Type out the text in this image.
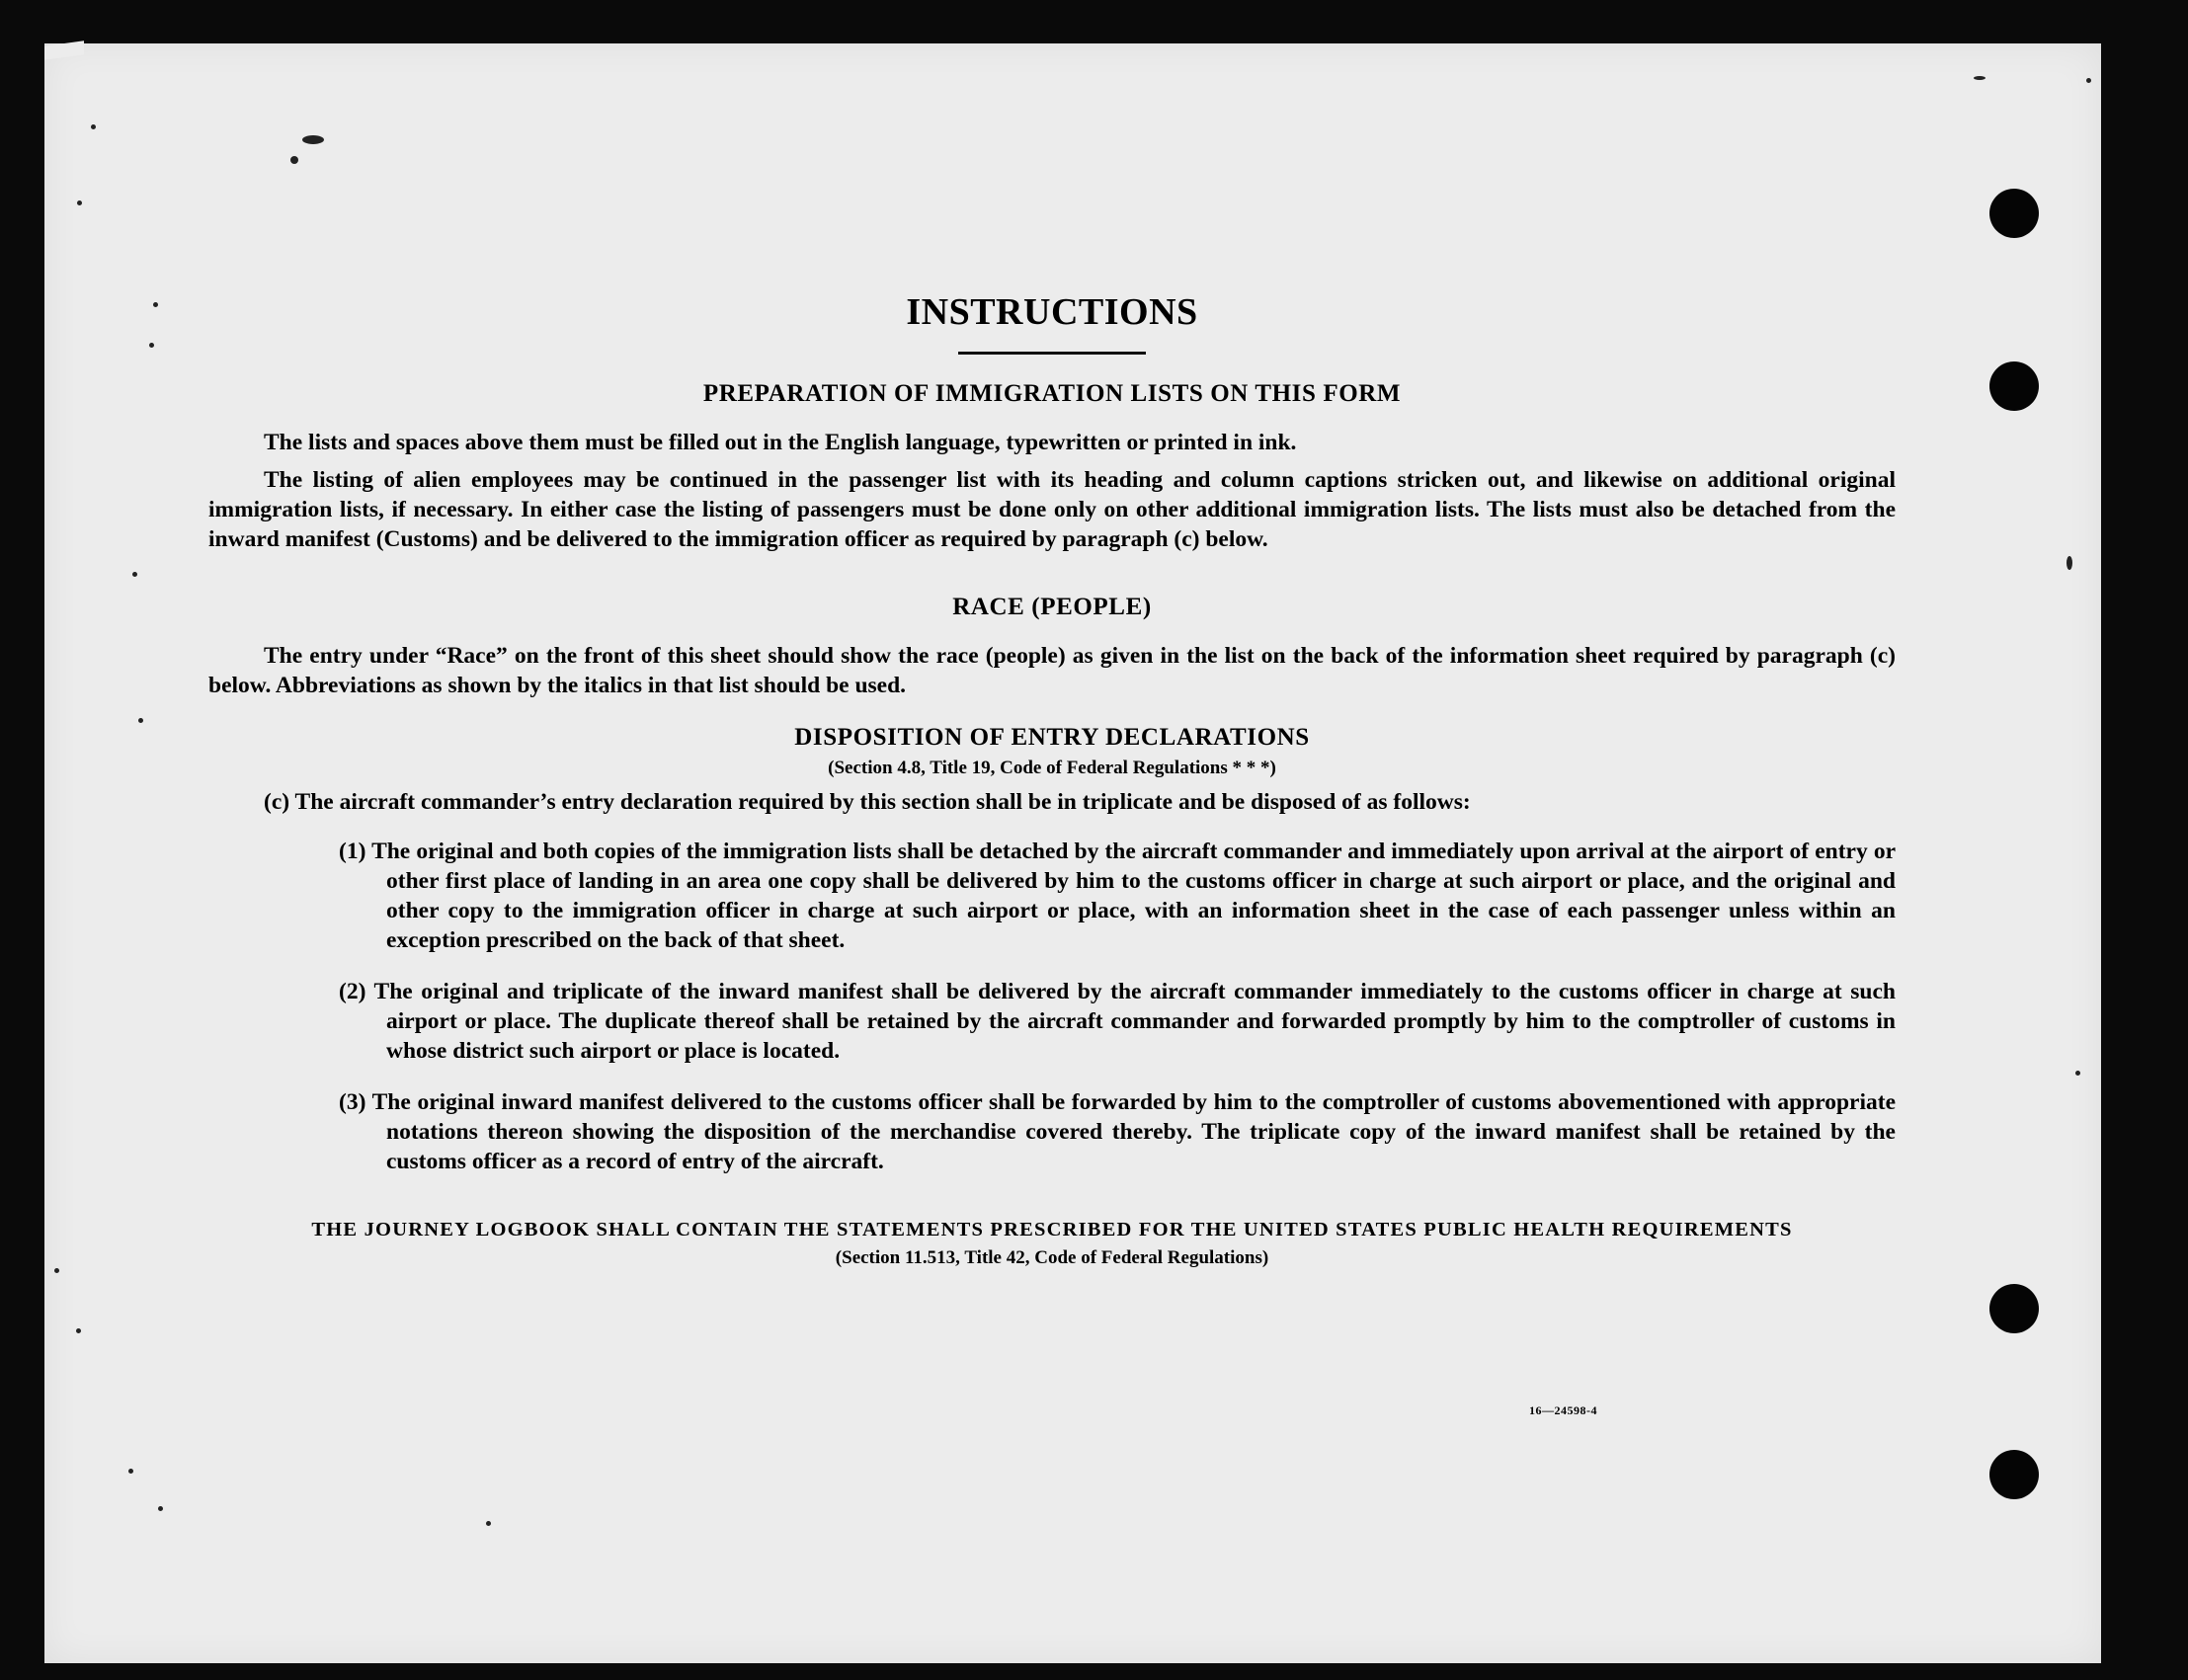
INSTRUCTIONS
PREPARATION OF IMMIGRATION LISTS ON THIS FORM

The lists and spaces above them must be filled out in the English language, typewritten or printed in ink.

The listing of alien employees may be continued in the passenger list with its heading and column captions stricken out, and likewise on additional original immigration lists, if necessary. In either case the listing of passengers must be done only on other additional immigration lists. The lists must also be detached from the inward manifest (Customs) and be delivered to the immigration officer as required by paragraph (c) below.

RACE (PEOPLE)

The entry under “Race” on the front of this sheet should show the race (people) as given in the list on the back of the information sheet required by paragraph (c) below. Abbreviations as shown by the italics in that list should be used.

DISPOSITION OF ENTRY DECLARATIONS
(Section 4.8, Title 19, Code of Federal Regulations * * *)
(c) The aircraft commander’s entry declaration required by this section shall be in triplicate and be disposed of as follows:
(1) The original and both copies of the immigration lists shall be detached by the aircraft commander and immediately upon arrival at the airport of entry or other first place of landing in an area one copy shall be delivered by him to the customs officer in charge at such airport or place, and the original and other copy to the immigration officer in charge at such airport or place, with an information sheet in the case of each passenger unless within an exception prescribed on the back of that sheet.
(2) The original and triplicate of the inward manifest shall be delivered by the aircraft commander immediately to the customs officer in charge at such airport or place. The duplicate thereof shall be retained by the aircraft commander and forwarded promptly by him to the comptroller of customs in whose district such airport or place is located.
(3) The original inward manifest delivered to the customs officer shall be forwarded by him to the comptroller of customs abovementioned with appropriate notations thereon showing the disposition of the merchandise covered thereby. The triplicate copy of the inward manifest shall be retained by the customs officer as a record of entry of the aircraft.
THE JOURNEY LOGBOOK SHALL CONTAIN THE STATEMENTS PRESCRIBED FOR THE UNITED STATES PUBLIC HEALTH REQUIREMENTS
(Section 11.513, Title 42, Code of Federal Regulations)
16—24598-4
